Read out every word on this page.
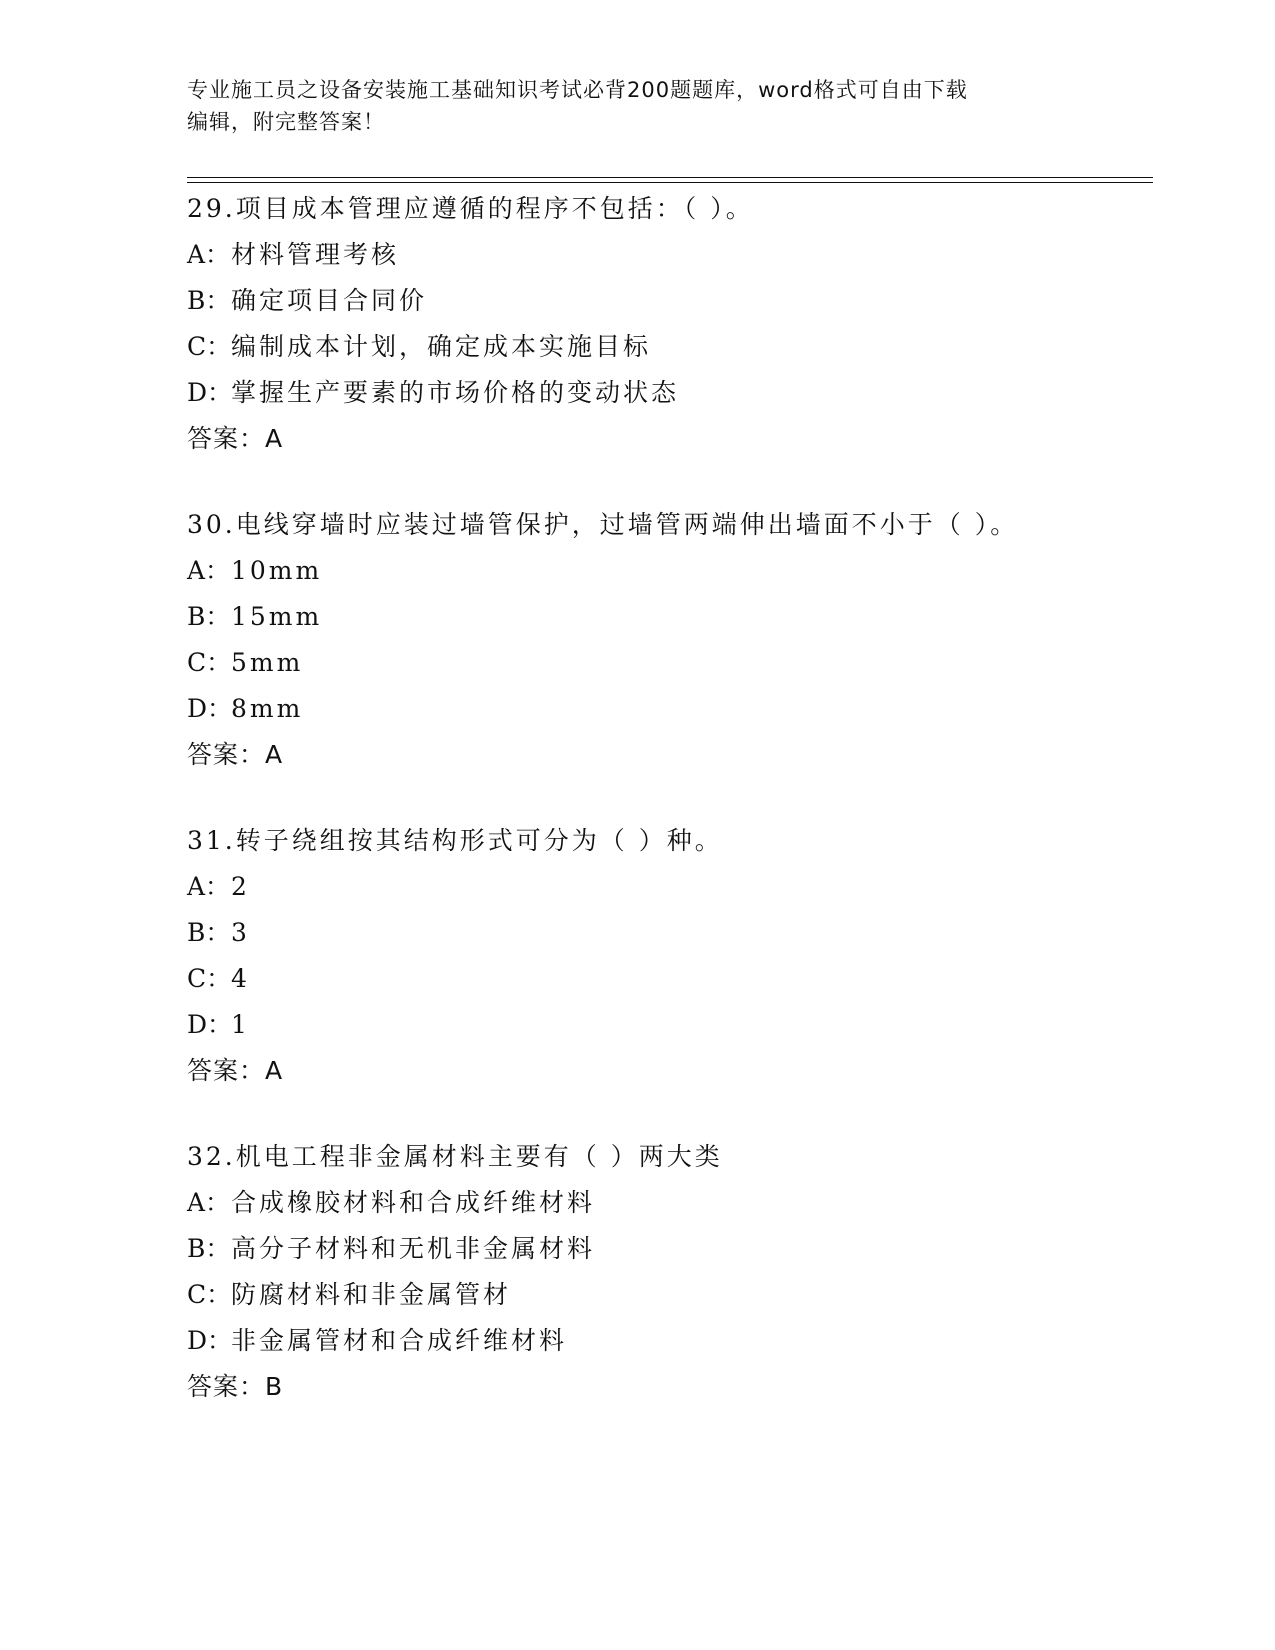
专业施工员之设备安装施工基础知识考试必背200题题库，word格式可自由下载
编辑，附完整答案！
29.项目成本管理应遵循的程序不包括：（ ）。
A：材料管理考核
B：确定项目合同价
C：编制成本计划，确定成本实施目标
D：掌握生产要素的市场价格的变动状态
答案：A
30.电线穿墙时应装过墙管保护，过墙管两端伸出墙面不小于（ ）。
A：10mm
B：15mm
C：5mm
D：8mm
答案：A
31.转子绕组按其结构形式可分为（ ）种。
A：2
B：3
C：4
D：1
答案：A
32.机电工程非金属材料主要有（ ）两大类
A：合成橡胶材料和合成纤维材料
B：高分子材料和无机非金属材料
C：防腐材料和非金属管材
D：非金属管材和合成纤维材料
答案：B
